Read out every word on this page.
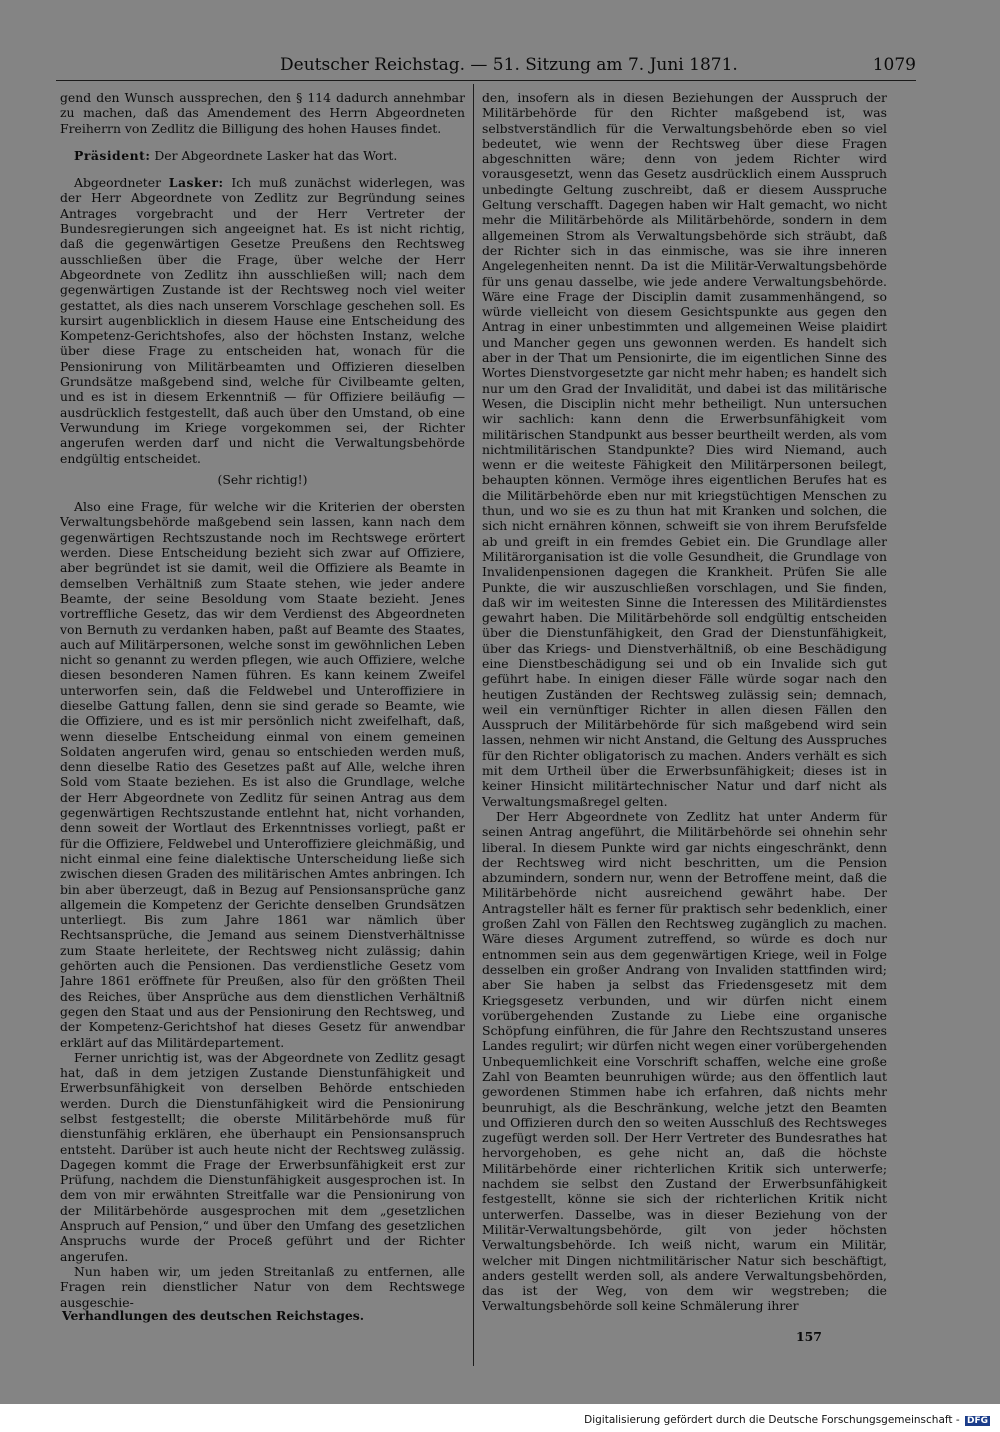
Deutscher Reichstag. — 51. Sitzung am 7. Juni 1871.	1079

gend den Wunsch aussprechen, den § 114 dadurch annehmbar zu machen, daß das Amendement des Herrn Abgeordneten Freiherrn von Zedlitz die Billigung des hohen Hauses findet.

Präsident: Der Abgeordnete Lasker hat das Wort.

Abgeordneter Lasker: Ich muß zunächst widerlegen, was der Herr Abgeordnete von Zedlitz zur Begründung seines Antrages vorgebracht und der Herr Vertreter der Bundesregierungen sich angeeignet hat. Es ist nicht richtig, daß die gegenwärtigen Gesetze Preußens den Rechtsweg ausschließen über die Frage, über welche der Herr Abgeordnete von Zedlitz ihn ausschließen will; nach dem gegenwärtigen Zustande ist der Rechtsweg noch viel weiter gestattet, als dies nach unserem Vorschlage geschehen soll. Es kursirt augenblicklich in diesem Hause eine Entscheidung des Kompetenz-Gerichtshofes, also der höchsten Instanz, welche über diese Frage zu entscheiden hat, wonach für die Pensionirung von Militärbeamten und Offizieren dieselben Grundsätze maßgebend sind, welche für Civilbeamte gelten, und es ist in diesem Erkenntniß — für Offiziere beiläufig — ausdrücklich festgestellt, daß auch über den Umstand, ob eine Verwundung im Kriege vorgekommen sei, der Richter angerufen werden darf und nicht die Verwaltungsbehörde endgültig entscheidet.

(Sehr richtig!)

Also eine Frage, für welche wir die Kriterien der obersten Verwaltungsbehörde maßgebend sein lassen, kann nach dem gegenwärtigen Rechtszustande noch im Rechtswege erörtert werden. Diese Entscheidung bezieht sich zwar auf Offiziere, aber begründet ist sie damit, weil die Offiziere als Beamte in demselben Verhältniß zum Staate stehen, wie jeder andere Beamte, der seine Besoldung vom Staate bezieht. Jenes vortreffliche Gesetz, das wir dem Verdienst des Abgeordneten von Bernuth zu verdanken haben, paßt auf Beamte des Staates, auch auf Militärpersonen, welche sonst im gewöhnlichen Leben nicht so genannt zu werden pflegen, wie auch Offiziere, welche diesen besonderen Namen führen. Es kann keinem Zweifel unterworfen sein, daß die Feldwebel und Unteroffiziere in dieselbe Gattung fallen, denn sie sind gerade so Beamte, wie die Offiziere, und es ist mir persönlich nicht zweifelhaft, daß, wenn dieselbe Entscheidung einmal von einem gemeinen Soldaten angerufen wird, genau so entschieden werden muß, denn dieselbe Ratio des Gesetzes paßt auf Alle, welche ihren Sold vom Staate beziehen. Es ist also die Grundlage, welche der Herr Abgeordnete von Zedlitz für seinen Antrag aus dem gegenwärtigen Rechtszustande entlehnt hat, nicht vorhanden, denn soweit der Wortlaut des Erkenntnisses vorliegt, paßt er für die Offiziere, Feldwebel und Unteroffiziere gleichmäßig, und nicht einmal eine feine dialektische Unterscheidung ließe sich zwischen diesen Graden des militärischen Amtes anbringen. Ich bin aber überzeugt, daß in Bezug auf Pensionsansprüche ganz allgemein die Kompetenz der Gerichte denselben Grundsätzen unterliegt. Bis zum Jahre 1861 war nämlich über Rechtsansprüche, die Jemand aus seinem Dienstverhältnisse zum Staate herleitete, der Rechtsweg nicht zulässig; dahin gehörten auch die Pensionen. Das verdienstliche Gesetz vom Jahre 1861 eröffnete für Preußen, also für den größten Theil des Reiches, über Ansprüche aus dem dienstlichen Verhältniß gegen den Staat und aus der Pensionirung den Rechtsweg, und der Kompetenz-Gerichtshof hat dieses Gesetz für anwendbar erklärt auf das Militärdepartement.

Ferner unrichtig ist, was der Abgeordnete von Zedlitz gesagt hat, daß in dem jetzigen Zustande Dienstunfähigkeit und Erwerbsunfähigkeit von derselben Behörde entschieden werden. Durch die Dienstunfähigkeit wird die Pensionirung selbst festgestellt; die oberste Militärbehörde muß für dienstunfähig erklären, ehe überhaupt ein Pensionsanspruch entsteht. Darüber ist auch heute nicht der Rechtsweg zulässig. Dagegen kommt die Frage der Erwerbsunfähigkeit erst zur Prüfung, nachdem die Dienstunfähigkeit ausgesprochen ist. In dem von mir erwähnten Streitfalle war die Pensionirung von der Militärbehörde ausgesprochen mit dem „gesetzlichen Anspruch auf Pension,“ und über den Umfang des gesetzlichen Anspruchs wurde der Proceß geführt und der Richter angerufen.

Nun haben wir, um jeden Streitanlaß zu entfernen, alle Fragen rein dienstlicher Natur von dem Rechtswege ausgeschie-

Verhandlungen des deutschen Reichstages.

den, insofern als in diesen Beziehungen der Ausspruch der Militärbehörde für den Richter maßgebend ist, was selbstverständlich für die Verwaltungsbehörde eben so viel bedeutet, wie wenn der Rechtsweg über diese Fragen abgeschnitten wäre; denn von jedem Richter wird vorausgesetzt, wenn das Gesetz ausdrücklich einem Ausspruch unbedingte Geltung zuschreibt, daß er diesem Ausspruche Geltung verschafft. Dagegen haben wir Halt gemacht, wo nicht mehr die Militärbehörde als Militärbehörde, sondern in dem allgemeinen Strom als Verwaltungsbehörde sich sträubt, daß der Richter sich in das einmische, was sie ihre inneren Angelegenheiten nennt. Da ist die Militär-Verwaltungsbehörde für uns genau dasselbe, wie jede andere Verwaltungsbehörde. Wäre eine Frage der Disciplin damit zusammenhängend, so würde vielleicht von diesem Gesichtspunkte aus gegen den Antrag in einer unbestimmten und allgemeinen Weise plaidirt und Mancher gegen uns gewonnen werden. Es handelt sich aber in der That um Pensionirte, die im eigentlichen Sinne des Wortes Dienstvorgesetzte gar nicht mehr haben; es handelt sich nur um den Grad der Invalidität, und dabei ist das militärische Wesen, die Disciplin nicht mehr betheiligt. Nun untersuchen wir sachlich: kann denn die Erwerbsunfähigkeit vom militärischen Standpunkt aus besser beurtheilt werden, als vom nichtmilitärischen Standpunkte? Dies wird Niemand, auch wenn er die weiteste Fähigkeit den Militärpersonen beilegt, behaupten können. Vermöge ihres eigentlichen Berufes hat es die Militärbehörde eben nur mit kriegstüchtigen Menschen zu thun, und wo sie es zu thun hat mit Kranken und solchen, die sich nicht ernähren können, schweift sie von ihrem Berufsfelde ab und greift in ein fremdes Gebiet ein. Die Grundlage aller Militärorganisation ist die volle Gesundheit, die Grundlage von Invalidenpensionen dagegen die Krankheit. Prüfen Sie alle Punkte, die wir auszuschließen vorschlagen, und Sie finden, daß wir im weitesten Sinne die Interessen des Militärdienstes gewahrt haben. Die Militärbehörde soll endgültig entscheiden über die Dienstunfähigkeit, den Grad der Dienstunfähigkeit, über das Kriegs- und Dienstverhältniß, ob eine Beschädigung eine Dienstbeschädigung sei und ob ein Invalide sich gut geführt habe. In einigen dieser Fälle würde sogar nach den heutigen Zuständen der Rechtsweg zulässig sein; demnach, weil ein vernünftiger Richter in allen diesen Fällen den Ausspruch der Militärbehörde für sich maßgebend wird sein lassen, nehmen wir nicht Anstand, die Geltung des Ausspruches für den Richter obligatorisch zu machen. Anders verhält es sich mit dem Urtheil über die Erwerbsunfähigkeit; dieses ist in keiner Hinsicht militärtechnischer Natur und darf nicht als Verwaltungsmaßregel gelten.

Der Herr Abgeordnete von Zedlitz hat unter Anderm für seinen Antrag angeführt, die Militärbehörde sei ohnehin sehr liberal. In diesem Punkte wird gar nichts eingeschränkt, denn der Rechtsweg wird nicht beschritten, um die Pension abzumindern, sondern nur, wenn der Betroffene meint, daß die Militärbehörde nicht ausreichend gewährt habe. Der Antragsteller hält es ferner für praktisch sehr bedenklich, einer großen Zahl von Fällen den Rechtsweg zugänglich zu machen. Wäre dieses Argument zutreffend, so würde es doch nur entnommen sein aus dem gegenwärtigen Kriege, weil in Folge desselben ein großer Andrang von Invaliden stattfinden wird; aber Sie haben ja selbst das Friedensgesetz mit dem Kriegsgesetz verbunden, und wir dürfen nicht einem vorübergehenden Zustande zu Liebe eine organische Schöpfung einführen, die für Jahre den Rechtszustand unseres Landes regulirt; wir dürfen nicht wegen einer vorübergehenden Unbequemlichkeit eine Vorschrift schaffen, welche eine große Zahl von Beamten beunruhigen würde; aus den öffentlich laut gewordenen Stimmen habe ich erfahren, daß nichts mehr beunruhigt, als die Beschränkung, welche jetzt den Beamten und Offizieren durch den so weiten Ausschluß des Rechtsweges zugefügt werden soll. Der Herr Vertreter des Bundesrathes hat hervorgehoben, es gehe nicht an, daß die höchste Militärbehörde einer richterlichen Kritik sich unterwerfe; nachdem sie selbst den Zustand der Erwerbsunfähigkeit festgestellt, könne sie sich der richterlichen Kritik nicht unterwerfen. Dasselbe, was in dieser Beziehung von der Militär-Verwaltungsbehörde, gilt von jeder höchsten Verwaltungsbehörde. Ich weiß nicht, warum ein Militär, welcher mit Dingen nichtmilitärischer Natur sich beschäftigt, anders gestellt werden soll, als andere Verwaltungsbehörden, das ist der Weg, von dem wir wegstreben; die Verwaltungsbehörde soll keine Schmälerung ihrer

157
Digitalisierung gefördert durch die Deutsche Forschungsgemeinschaft - DFG
